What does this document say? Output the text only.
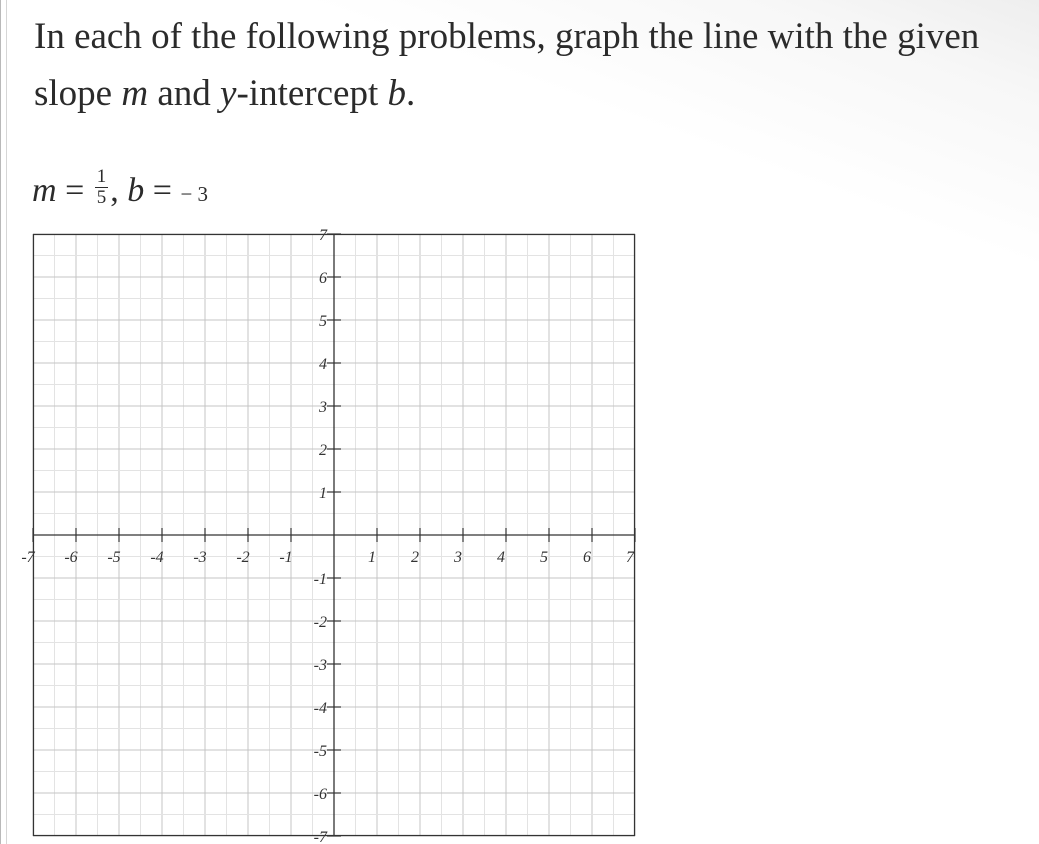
In each of the following problems, graph the line with the given
slope m and y-intercept b.
$m = \frac{1}{5}$ , b = − 3
-7 -6 -5 -4 -3 -2 -1	1 2 3 4 5 6 7
7
6
5
4
3
2
1
-1
-2
-3
-4
-5
-6
-7
